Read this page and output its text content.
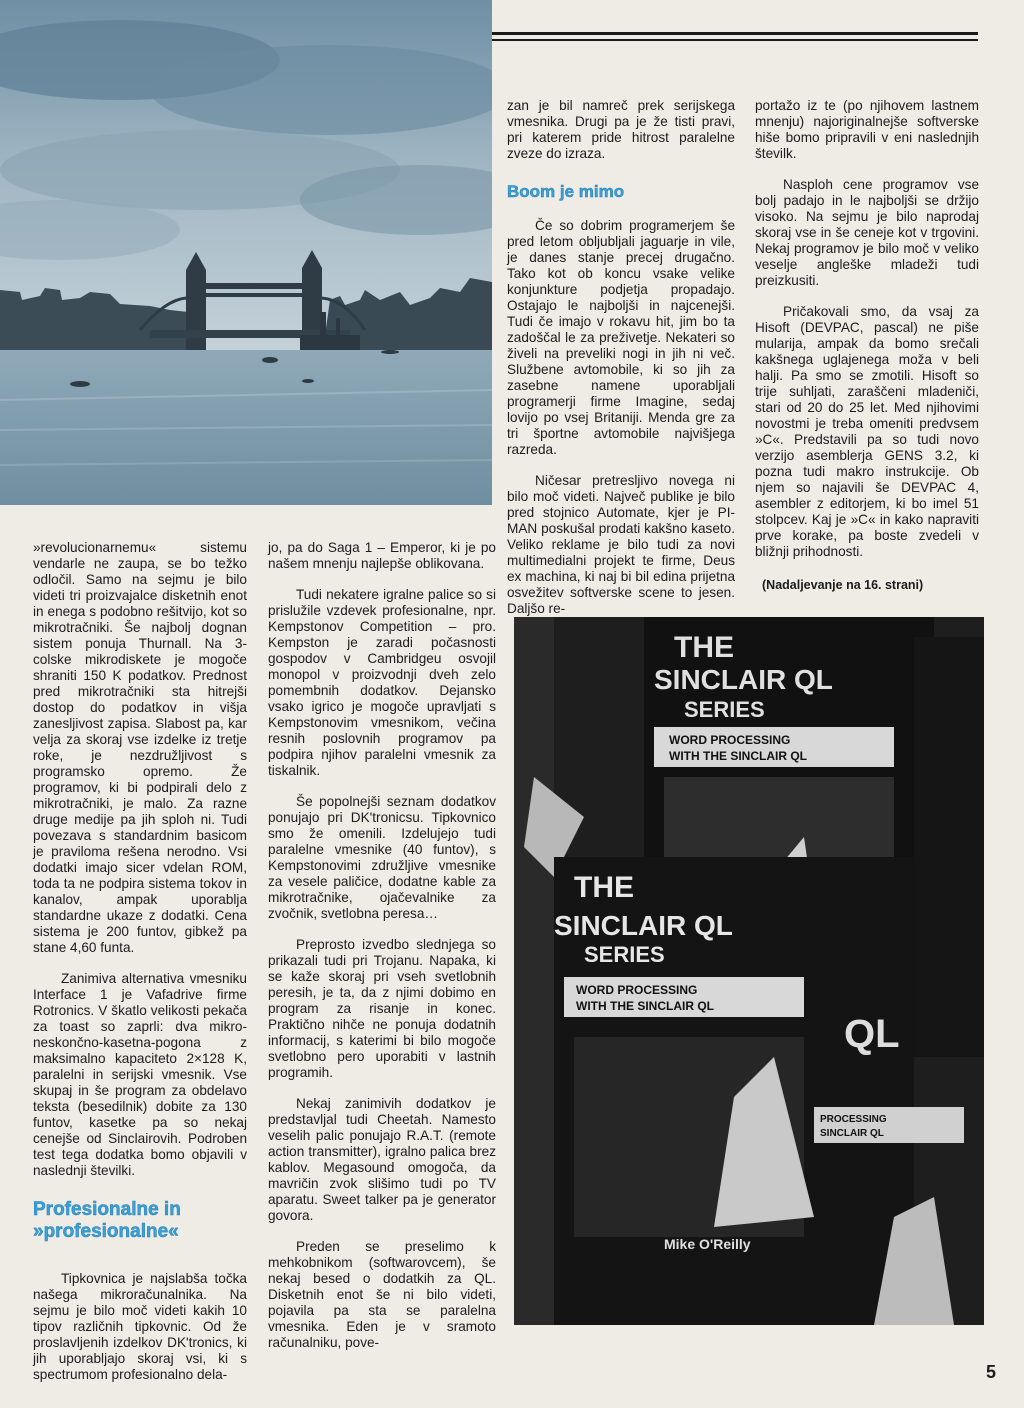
THE
SINCLAIR QL
SERIES
WORD PROCESSING
WITH THE SINCLAIR QL
THE
SINCLAIR QL
SERIES
WORD PROCESSING
WITH THE SINCLAIR QL
Mike O'Reilly
QL
PROCESSING
SINCLAIR QL

»revolucionarnemu« sistemu vendarle ne zaupa, se bo težko odločil. Samo na sejmu je bilo videti tri proizvajalce disketnih enot in enega s podobno rešitvijo, kot so mikrotračniki. Še najbolj dognan sistem ponuja Thurnall. Na 3-colske mikrodiskete je mogoče shraniti 150 K podatkov. Prednost pred mikrotračniki sta hitrejši dostop do podatkov in višja zanesljivost zapisa. Slabost pa, kar velja za skoraj vse izdelke iz tretje roke, je nezdružljivost s programsko opremo. Že programov, ki bi podpirali delo z mikrotračniki, je malo. Za razne druge medije pa jih sploh ni. Tudi povezava s standardnim basicom je praviloma rešena nerodno. Vsi dodatki imajo sicer vdelan ROM, toda ta ne podpira sistema tokov in kanalov, ampak uporablja standardne ukaze z dodatki. Cena sistema je 200 funtov, gibkež pa stane 4,60 funta.

Zanimiva alternativa vmesniku Interface 1 je Vafadrive firme Rotronics. V škatlo velikosti pekača za toast so zaprli: dva mikro-neskončno-kasetna-pogona z maksimalno kapaciteto 2×128 K, paralelni in serijski vmesnik. Vse skupaj in še program za obdelavo teksta (besedilnik) dobite za 130 funtov, kasetke pa so nekaj cenejše od Sinclairovih. Podroben test tega dodatka bomo objavili v naslednji številki.

Profesionalne in
»profesionalne«

Tipkovnica je najslabša točka našega mikroračunalnika. Na sejmu je bilo moč videti kakih 10 tipov različnih tipkovnic. Od že proslavljenih izdelkov DK'tronics, ki jih uporabljajo skoraj vsi, ki s spectrumom profesionalno dela-

jo, pa do Saga 1 – Emperor, ki je po našem mnenju najlepše oblikovana.

Tudi nekatere igralne palice so si prislužile vzdevek profesionalne, npr. Kempstonov Competition – pro. Kempston je zaradi počasnosti gospodov v Cambridgeu osvojil monopol v proizvodnji dveh zelo pomembnih dodatkov. Dejansko vsako igrico je mogoče upravljati s Kempstonovim vmesnikom, večina resnih poslovnih programov pa podpira njihov paralelni vmesnik za tiskalnik.

Še popolnejši seznam dodatkov ponujajo pri DK'tronicsu. Tipkovnico smo že omenili. Izdelujejo tudi paralelne vmesnike (40 funtov), s Kempstonovimi združljive vmesnike za vesele paličice, dodatne kable za mikrotračnike, ojačevalnike za zvočnik, svetlobna peresa…

Preprosto izvedbo slednjega so prikazali tudi pri Trojanu. Napaka, ki se kaže skoraj pri vseh svetlobnih peresih, je ta, da z njimi dobimo en program za risanje in konec. Praktično nihče ne ponuja dodatnih informacij, s katerimi bi bilo mogoče svetlobno pero uporabiti v lastnih programih.

Nekaj zanimivih dodatkov je predstavljal tudi Cheetah. Namesto veselih palic ponujajo R.A.T. (remote action transmitter), igralno palica brez kablov. Megasound omogoča, da mavričin zvok slišimo tudi po TV aparatu. Sweet talker pa je generator govora.

Preden se preselimo k mehkobnikom (softwarovcem), še nekaj besed o dodatkih za QL. Disketnih enot še ni bilo videti, pojavila pa sta se paralelna vmesnika. Eden je v sramoto računalniku, pove-

zan je bil namreč prek serijskega vmesnika. Drugi pa je že tisti pravi, pri katerem pride hitrost paralelne zveze do izraza.

Boom je mimo

Če so dobrim programerjem še pred letom obljubljali jaguarje in vile, je danes stanje precej drugačno. Tako kot ob koncu vsake velike konjunkture podjetja propadajo. Ostajajo le najboljši in najcenejši. Tudi če imajo v rokavu hit, jim bo ta zadoščal le za preživetje. Nekateri so živeli na prevelikі nogi in jih ni več. Službene avtomobile, ki so jih za zasebne namene uporabljali programerji firme Imagine, sedaj lovijo po vsej Britaniji. Menda gre za tri športne avtomobile najvišjega razreda.

Ničesar pretresljivo novega ni bilo moč videti. Največ publike je bilo pred stojnico Automate, kjer je PI-MAN poskušal prodati kakšno kaseto. Veliko reklame je bilo tudi za novi multimedialni projekt te firme, Deus ex machina, ki naj bi bil edina prijetna osvežitev softverske scene to jesen. Daljšo re-

portažo iz te (po njihovem lastnem mnenju) najoriginalnejše softverske hiše bomo pripravili v eni naslednjih številk.

Nasploh cene programov vse bolj padajo in le najboljši se držijo visoko. Na sejmu je bilo naprodaj skoraj vse in še ceneje kot v trgovini. Nekaj programov je bilo moč v veliko veselje angleške mladeži tudi preizkusiti.

Pričakovali smo, da vsaj za Hisoft (DEVPAC, pascal) ne piše mularija, ampak da bomo srečali kakšnega uglajenega moža v beli halji. Pa smo se zmotili. Hisoft so trije suhljati, zaraščeni mladeniči, stari od 20 do 25 let. Med njihovimi novostmi je treba omeniti predvsem »C«. Predstavili pa so tudi novo verzijo asemblerja GENS 3.2, ki pozna tudi makro instrukcije. Ob njem so najavili še DEVPAC 4, asembler z editorjem, ki bo imel 51 stolpcev. Kaj je »C« in kako napraviti prve korake, pa boste zvedeli v bližnji prihodnosti.

(Nadaljevanje na 16. strani)
5
